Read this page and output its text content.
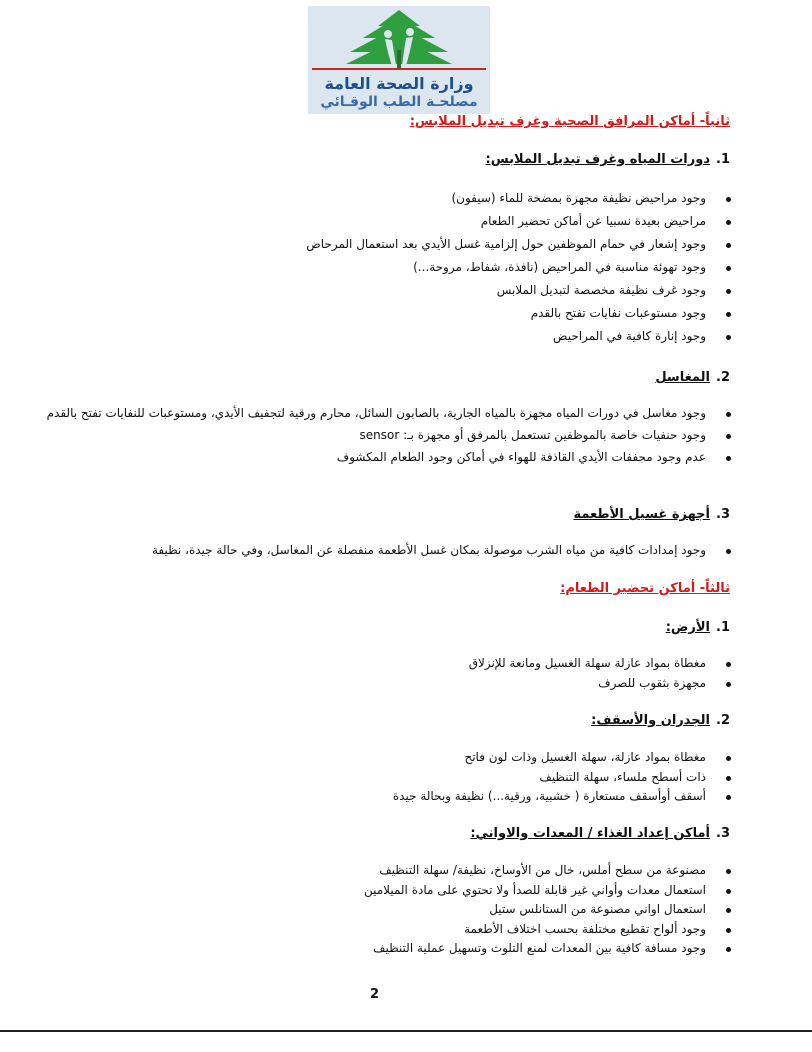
وزارة الصحة العامة
مصلحـة الطب الوقـائي
ثانياً- أماكن المرافق الصحية وغرف تبديل الملابس:
1.دورات المياه وغرف تبديل الملابس:
وجود مراحيض نظيفة مجهزة بمضخة للماء (سيفون)
مراحيض بعيدة نسبيا عن أماكن تحضير الطعام
وجود إشعار في حمام الموظفين حول إلزامية غسل الأيدي بعد استعمال المرحاض
وجود تهوئة مناسبة في المراحيض (نافذة، شفاط، مروحة...)
وجود غرف نظيفة مخصصة لتبديل الملابس
وجود مستوعبات نفايات تفتح بالقدم
وجود إنارة كافية في المراحيض
2.المغاسل
وجود مغاسل في دورات المياه مجهزة بالمياه الجارية، بالصابون السائل، محارم ورقية لتجفيف الأيدي، ومستوعبات للنفايات تفتح بالقدم
وجود حنفيات خاصة بالموظفين تستعمل بالمرفق أو مجهزة بـ: sensor
عدم وجود مجففات الأيدي القاذفة للهواء في أماكن وجود الطعام المكشوف
3.أجهزة غسيل الأطعمة
وجود إمدادات كافية من مياه الشرب موصولة بمكان غسل الأطعمة منفصلة عن المغاسل، وفي حالة جيدة، نظيفة
ثالثاً- أماكن تحضير الطعام:
1.الأرض:
مغطاة بمواد عازلة سهلة الغسيل ومانعة للإنزلاق
مجهزة بثقوب للصرف
2.الجدران والأسقف:
مغطاة بمواد عازلة، سهلة الغسيل وذات لون فاتح
ذات أسطح ملساء، سهلة التنظيف
أسقف أوأسقف مستعارة ( خشبية، ورقية...) نظيفة وبحالة جيدة
3.أماكن إعداد الغذاء / المعدات والاواني:
مصنوعة من سطح أملس، خال من الأوساخ، نظيفة/ سهلة التنظيف
استعمال معدات وأواني غير قابلة للصدأ ولا تحتوي على مادة الميلامين
استعمال اواني مصنوعة من الستانلس ستيل
وجود ألواح تقطيع مختلفة بحسب اختلاف الأطعمة
وجود مسافة كافية بين المعدات لمنع التلوث وتسهيل عملية التنظيف
2
